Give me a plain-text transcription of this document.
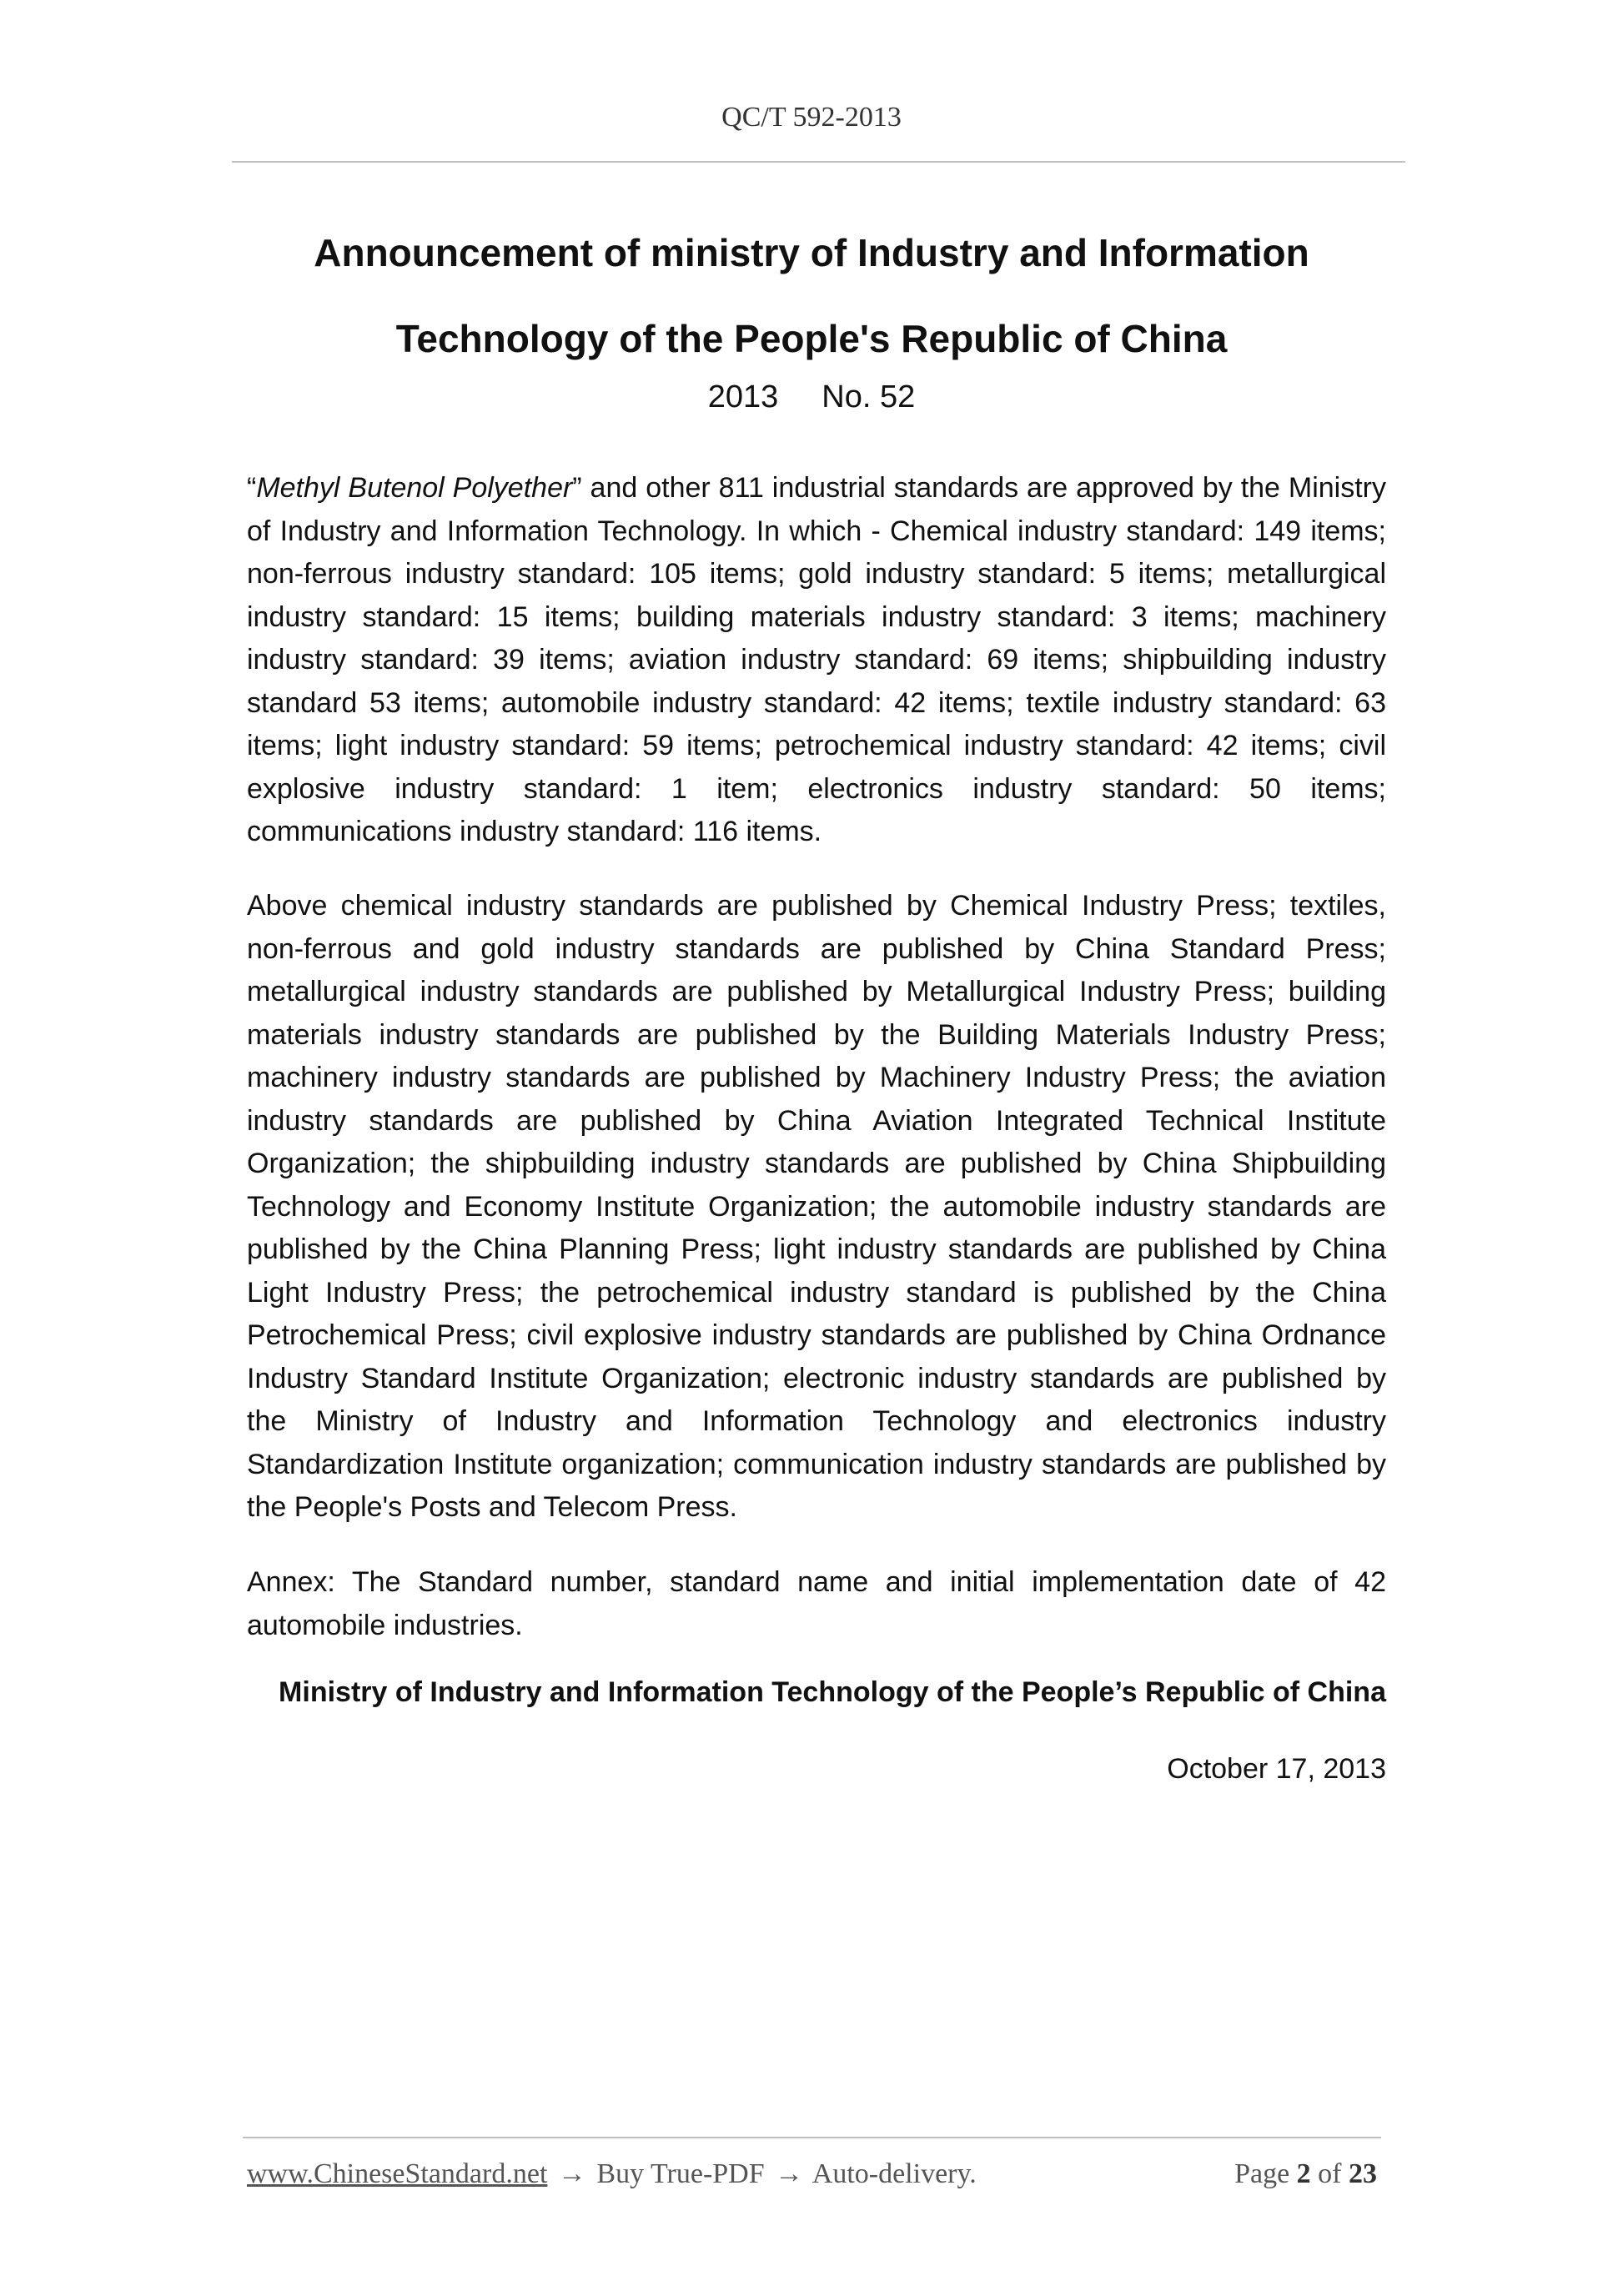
QC/T 592-2013
Announcement of ministry of Industry and Information
Technology of the People's Republic of China
2013 No. 52
“Methyl Butenol Polyether” and other 811 industrial standards are approved by the Ministry of Industry and Information Technology. In which - Chemical industry standard: 149 items; non-ferrous industry standard: 105 items; gold industry standard: 5 items; metallurgical industry standard: 15 items; building materials industry standard: 3 items; machinery industry standard: 39 items; aviation industry standard: 69 items; shipbuilding industry standard 53 items; automobile industry standard: 42 items; textile industry standard: 63 items; light industry standard: 59 items; petrochemical industry standard: 42 items; civil explosive industry standard: 1 item; electronics industry standard: 50 items; communications industry standard: 116 items.
Above chemical industry standards are published by Chemical Industry Press; textiles, non-ferrous and gold industry standards are published by China Standard Press; metallurgical industry standards are published by Metallurgical Industry Press; building materials industry standards are published by the Building Materials Industry Press; machinery industry standards are published by Machinery Industry Press; the aviation industry standards are published by China Aviation Integrated Technical Institute Organization; the shipbuilding industry standards are published by China Shipbuilding Technology and Economy Institute Organization; the automobile industry standards are published by the China Planning Press; light industry standards are published by China Light Industry Press; the petrochemical industry standard is published by the China Petrochemical Press; civil explosive industry standards are published by China Ordnance Industry Standard Institute Organization; electronic industry standards are published by the Ministry of Industry and Information Technology and electronics industry Standardization Institute organization; communication industry standards are published by the People's Posts and Telecom Press.
Annex: The Standard number, standard name and initial implementation date of 42 automobile industries.
Ministry of Industry and Information Technology of the People’s Republic of China
October 17, 2013
www.ChineseStandard.net → Buy True-PDF → Auto-delivery.	Page 2 of 23
